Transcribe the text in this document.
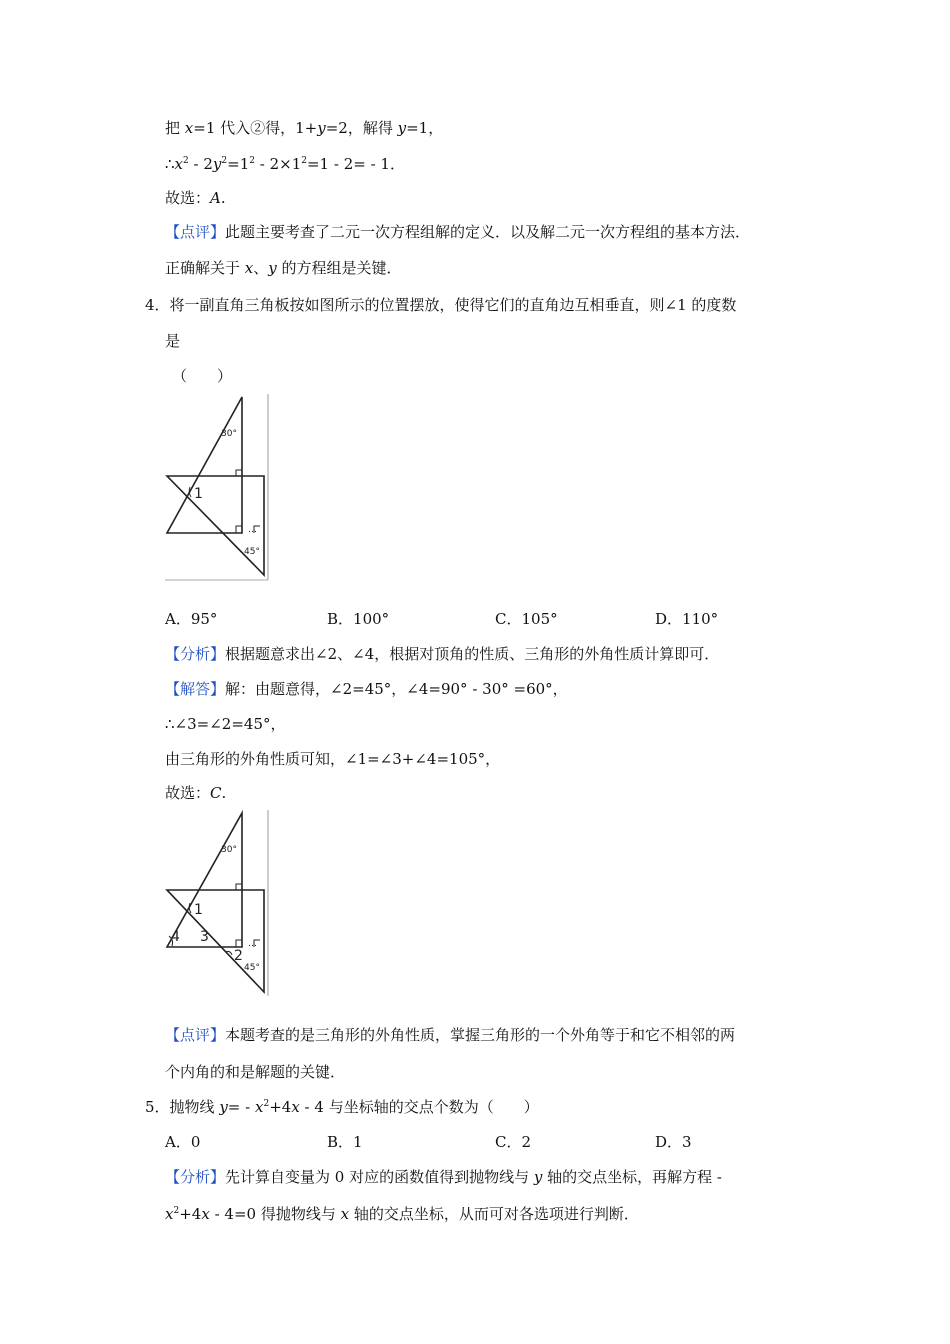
把 x=1 代入②得，1+y=2，解得 y=1，
$\therefore x^2 - 2y^2=1^2 - 2\times 1^2=1 - 2= - 1$．
故选：A.
【点评】此题主要考查了二元一次方程组解的定义．以及解二元一次方程组的基本方法．
正确解关于 x、y 的方程组是关键．
4．将一副直角三角板按如图所示的位置摆放，使得它们的直角边互相垂直，则∠1 的度数
是
（　　）
…
30°
45°
1
A．95°	B．100°	C．105°	D．110°
【分析】根据题意求出∠2、∠4，根据对顶角的性质、三角形的外角性质计算即可．
【解答】解：由题意得，∠2=45°，∠4=90° - 30° =60°，
∴∠3=∠2=45°，
由三角形的外角性质可知，∠1=∠3+∠4=105°，
故选：C.
…
30°
45°
1
4 3
2
【点评】本题考查的是三角形的外角性质，掌握三角形的一个外角等于和它不相邻的两
个内角的和是解题的关键．
5．抛物线 $y= - x^2+4x - 4$ 与坐标轴的交点个数为（　　）
A．0	B．1	C．2	D．3
【分析】先计算自变量为 0 对应的函数值得到抛物线与 y 轴的交点坐标，再解方程 -
$x^2+4x - 4=0$ 得抛物线与 x 轴的交点坐标，从而可对各选项进行判断．
